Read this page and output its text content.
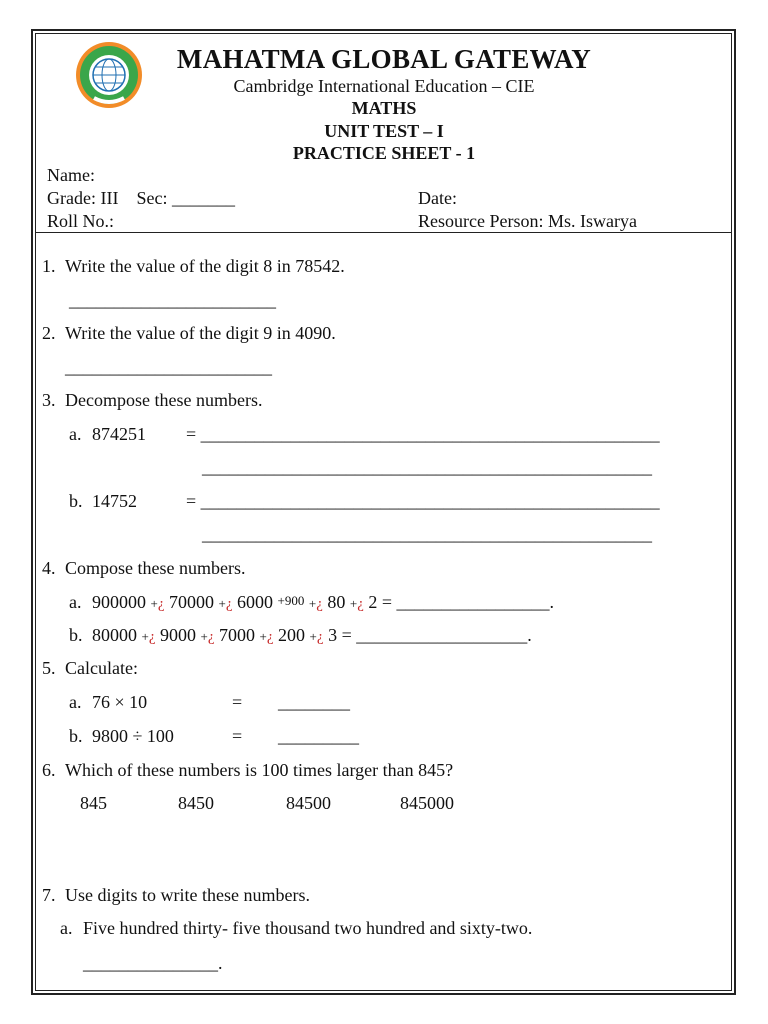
MAHATMA GLOBAL GATEWAY
Cambridge International Education – CIE
MATHS
UNIT TEST – I
PRACTICE SHEET - 1
Name:
Grade: III    Sec: _______	Date:
Roll No.:	Resource Person: Ms. Iswarya
1. Write the value of the digit 8 in 78542.
_______________________
2. Write the value of the digit 9 in 4090.
_______________________
3. Decompose these numbers.
a. 874251 = ___________________________________________________
__________________________________________________
b. 14752	= ___________________________________________________
__________________________________________________
4. Compose these numbers.
a. 900000 +¿ 70000 +¿ 6000 +900 +¿ 80 +¿ 2 = _________________.
b. 80000 +¿ 9000 +¿ 7000 +¿ 200 +¿ 3 = ___________________.
5. Calculate:
a. 76 × 10	= ________
b. 9800 ÷ 100	= _________
6. Which of these numbers is 100 times larger than 845?
845	8450	84500	845000
7. Use digits to write these numbers.
a. Five hundred thirty- five thousand two hundred and sixty-two.
_______________.
